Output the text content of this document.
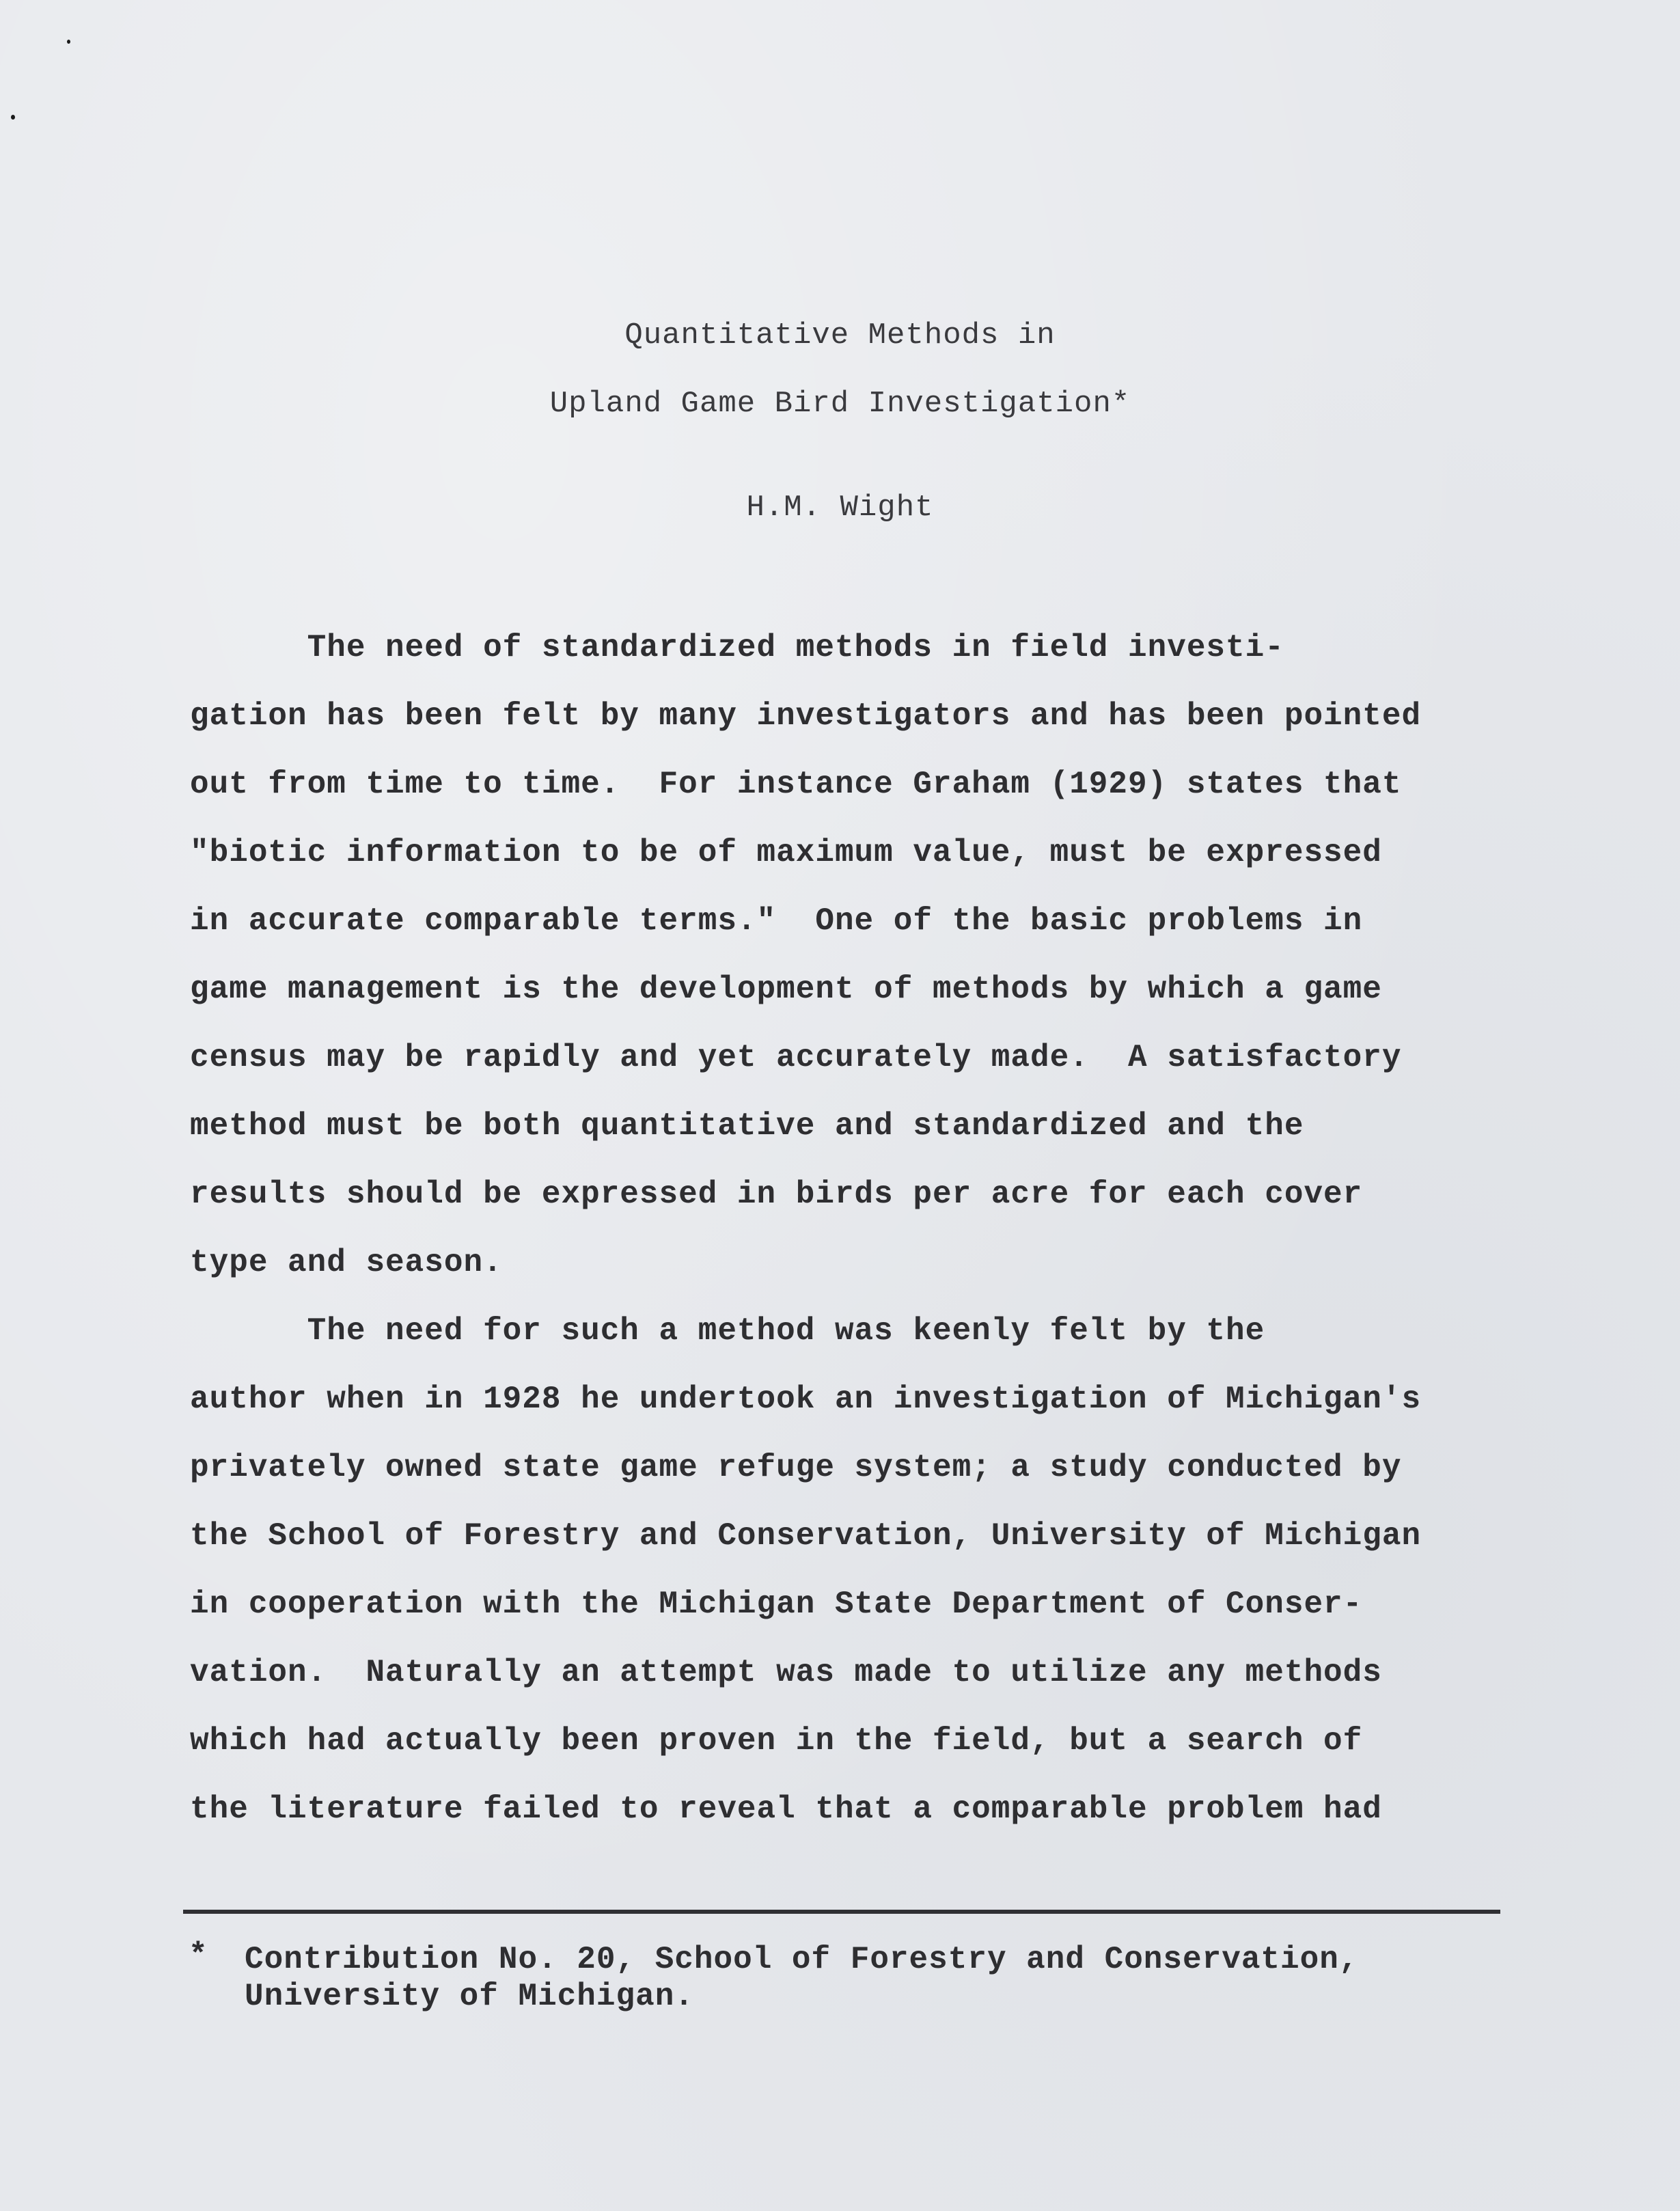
Quantitative Methods in
Upland Game Bird Investigation*
H.M. Wight
The need of standardized methods in field investi-
gation has been felt by many investigators and has been pointed
out from time to time.  For instance Graham (1929) states that
"biotic information to be of maximum value, must be expressed
in accurate comparable terms."  One of the basic problems in
game management is the development of methods by which a game
census may be rapidly and yet accurately made.  A satisfactory
method must be both quantitative and standardized and the
results should be expressed in birds per acre for each cover
type and season.
The need for such a method was keenly felt by the
author when in 1928 he undertook an investigation of Michigan's
privately owned state game refuge system; a study conducted by
the School of Forestry and Conservation, University of Michigan
in cooperation with the Michigan State Department of Conser-
vation.  Naturally an attempt was made to utilize any methods
which had actually been proven in the field, but a search of
the literature failed to reveal that a comparable problem had
* Contribution No. 20, School of Forestry and Conservation,
University of Michigan.
